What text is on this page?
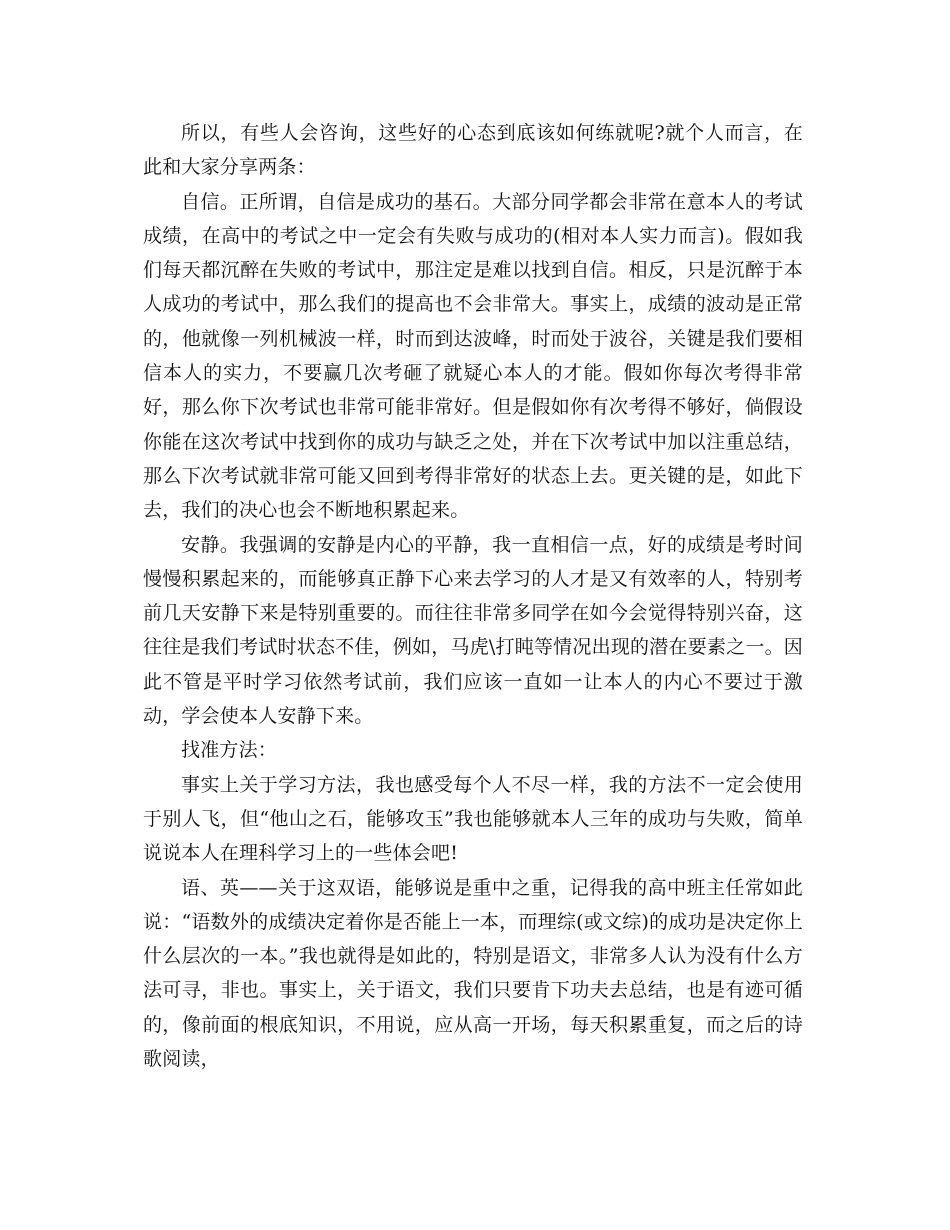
所以，有些人会咨询，这些好的心态到底该如何练就呢?就个人而言，在此和大家分享两条：

自信。正所谓，自信是成功的基石。大部分同学都会非常在意本人的考试成绩，在高中的考试之中一定会有失败与成功的(相对本人实力而言)。假如我们每天都沉醉在失败的考试中，那注定是难以找到自信。相反，只是沉醉于本人成功的考试中，那么我们的提高也不会非常大。事实上，成绩的波动是正常的，他就像一列机械波一样，时而到达波峰，时而处于波谷，关键是我们要相信本人的实力，不要赢几次考砸了就疑心本人的才能。假如你每次考得非常好，那么你下次考试也非常可能非常好。但是假如你有次考得不够好，倘假设你能在这次考试中找到你的成功与缺乏之处，并在下次考试中加以注重总结，那么下次考试就非常可能又回到考得非常好的状态上去。更关键的是，如此下去，我们的决心也会不断地积累起来。

安静。我强调的安静是内心的平静，我一直相信一点，好的成绩是考时间慢慢积累起来的，而能够真正静下心来去学习的人才是又有效率的人，特别考前几天安静下来是特别重要的。而往往非常多同学在如今会觉得特别兴奋，这往往是我们考试时状态不佳，例如，马虎\打盹等情况出现的潜在要素之一。因此不管是平时学习依然考试前，我们应该一直如一让本人的内心不要过于激动，学会使本人安静下来。

找准方法：

事实上关于学习方法，我也感受每个人不尽一样，我的方法不一定会使用于别人飞，但“他山之石，能够攻玉”我也能够就本人三年的成功与失败，简单说说本人在理科学习上的一些体会吧!

语、英——关于这双语，能够说是重中之重，记得我的高中班主任常如此说：“语数外的成绩决定着你是否能上一本，而理综(或文综)的成功是决定你上什么层次的一本。”我也就得是如此的，特别是语文，非常多人认为没有什么方法可寻，非也。事实上，关于语文，我们只要肯下功夫去总结，也是有迹可循的，像前面的根底知识，不用说，应从高一开场，每天积累重复，而之后的诗歌阅读，
